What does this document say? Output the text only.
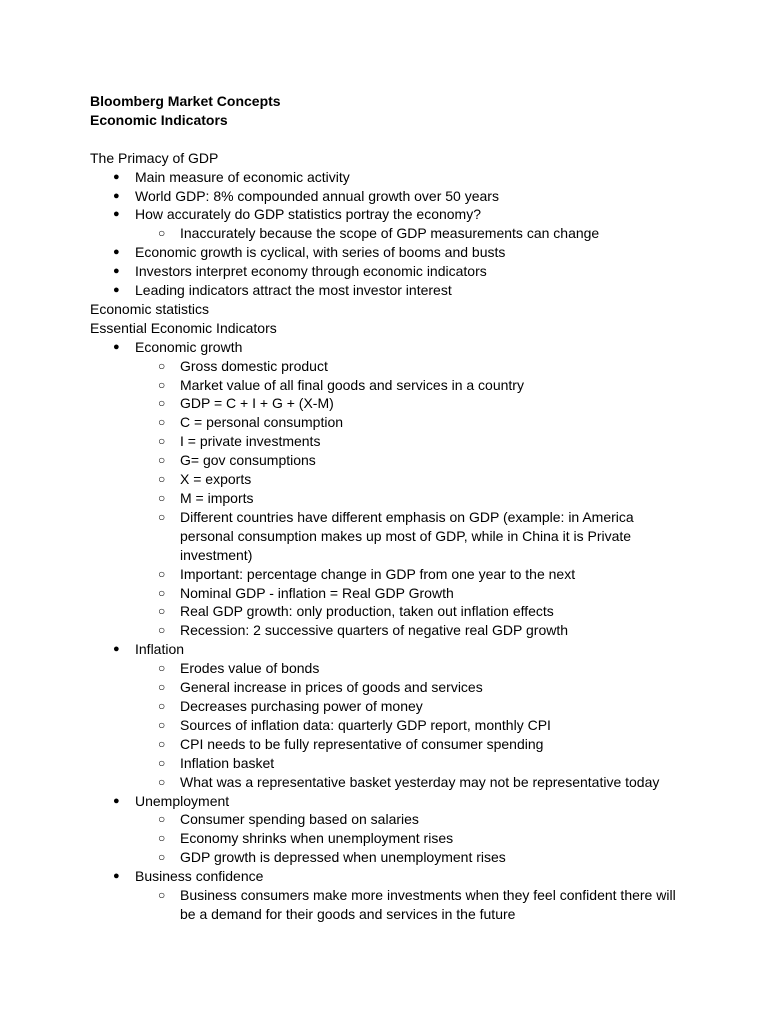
Bloomberg Market Concepts
Economic Indicators
The Primacy of GDP
● Main measure of economic activity
● World GDP: 8% compounded annual growth over 50 years
● How accurately do GDP statistics portray the economy?
○ Inaccurately because the scope of GDP measurements can change
● Economic growth is cyclical, with series of booms and busts
● Investors interpret economy through economic indicators
● Leading indicators attract the most investor interest
Economic statistics
Essential Economic Indicators
● Economic growth
○ Gross domestic product
○ Market value of all final goods and services in a country
○ GDP = C + I + G + (X-M)
○ C = personal consumption
○ I = private investments
○ G= gov consumptions
○ X = exports
○ M = imports
○ Different countries have different emphasis on GDP (example: in America personal consumption makes up most of GDP, while in China it is Private investment)
○ Important: percentage change in GDP from one year to the next
○ Nominal GDP - inflation = Real GDP Growth
○ Real GDP growth: only production, taken out inflation effects
○ Recession: 2 successive quarters of negative real GDP growth
● Inflation
○ Erodes value of bonds
○ General increase in prices of goods and services
○ Decreases purchasing power of money
○ Sources of inflation data: quarterly GDP report, monthly CPI
○ CPI needs to be fully representative of consumer spending
○ Inflation basket
○ What was a representative basket yesterday may not be representative today
● Unemployment
○ Consumer spending based on salaries
○ Economy shrinks when unemployment rises
○ GDP growth is depressed when unemployment rises
● Business confidence
○ Business consumers make more investments when they feel confident there will be a demand for their goods and services in the future
